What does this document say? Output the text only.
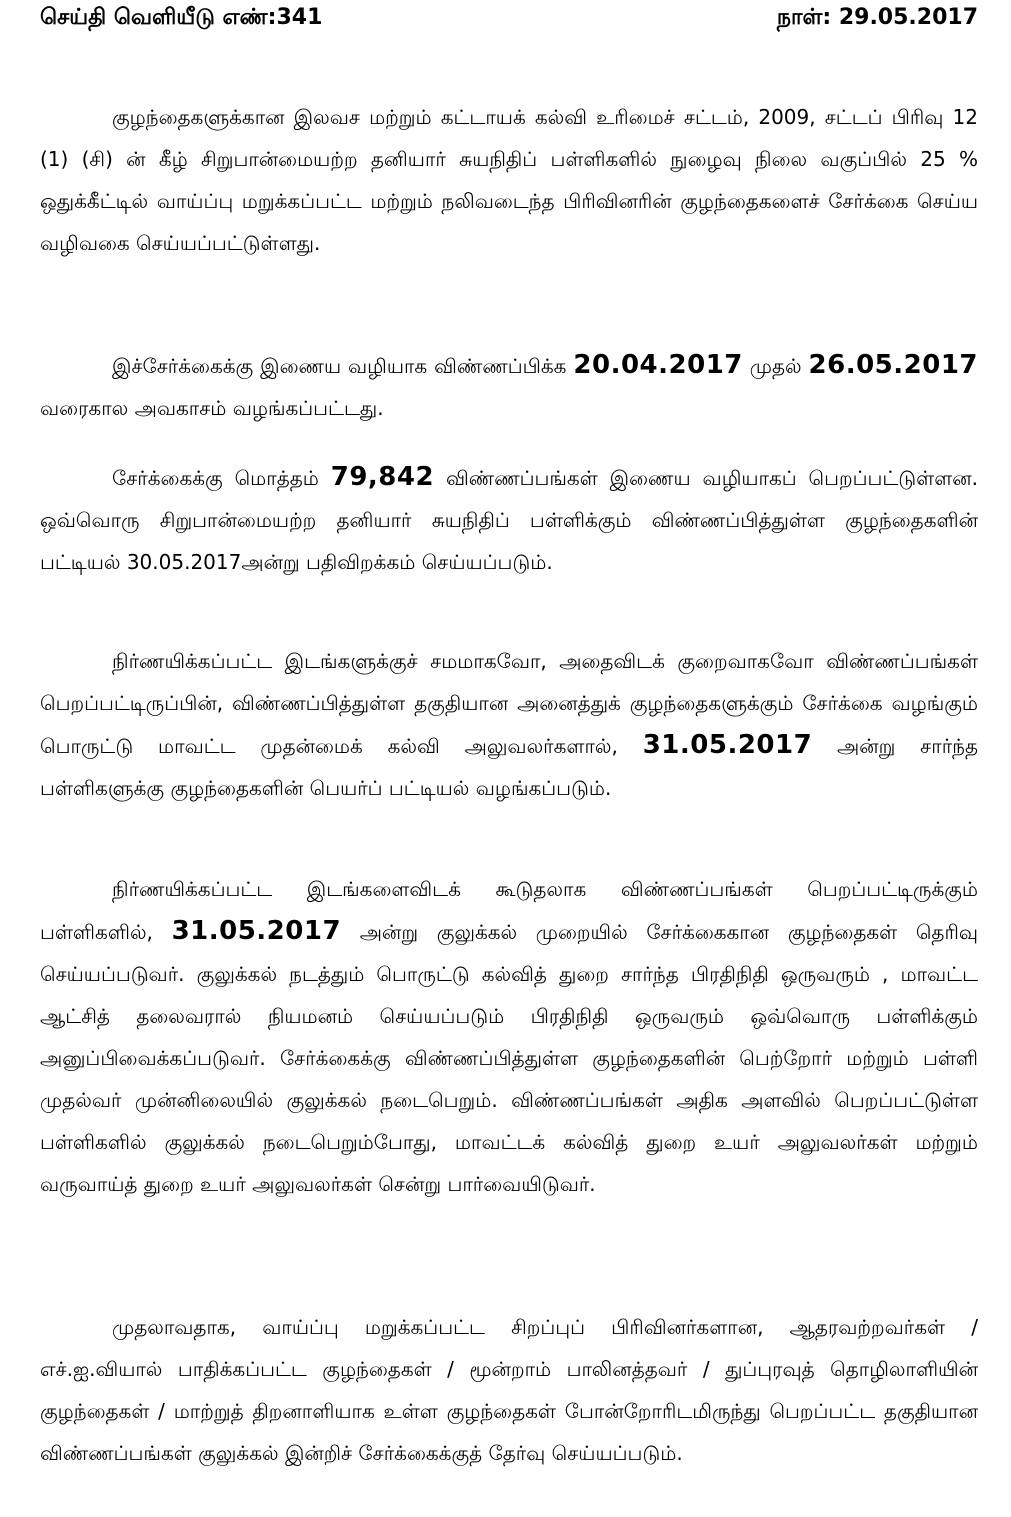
செய்தி வெளியீடு எண்:341	நாள்: 29.05.2017

குழந்தைகளுக்கான இலவச மற்றும் கட்டாயக் கல்வி உரிமைச் சட்டம், 2009, சட்டப் பிரிவு 12 (1) (சி) ன் கீழ் சிறுபான்மையற்ற தனியார் சுயநிதிப் பள்ளிகளில் நுழைவு நிலை வகுப்பில் 25 % ஒதுக்கீட்டில் வாய்ப்பு மறுக்கப்பட்ட மற்றும் நலிவடைந்த பிரிவினரின் குழந்தைகளைச் சேர்க்கை செய்ய வழிவகை செய்யப்பட்டுள்ளது.

இச்சேர்க்கைக்கு இணைய வழியாக விண்ணப்பிக்க 20.04.2017 முதல் 26.05.2017 வரைகால அவகாசம் வழங்கப்பட்டது.

சேர்க்கைக்கு மொத்தம் 79,842 விண்ணப்பங்கள் இணைய வழியாகப் பெறப்பட்டுள்ளன. ஒவ்வொரு சிறுபான்மையற்ற தனியார் சுயநிதிப் பள்ளிக்கும் விண்ணப்பித்துள்ள குழந்தைகளின் பட்டியல் 30.05.2017அன்று பதிவிறக்கம் செய்யப்படும்.

நிர்ணயிக்கப்பட்ட இடங்களுக்குச் சமமாகவோ, அதைவிடக் குறைவாகவோ விண்ணப்பங்கள் பெறப்பட்டிருப்பின், விண்ணப்பித்துள்ள தகுதியான அனைத்துக் குழந்தைகளுக்கும் சேர்க்கை வழங்கும் பொருட்டு மாவட்ட முதன்மைக் கல்வி அலுவலர்களால், 31.05.2017 அன்று சார்ந்த பள்ளிகளுக்கு குழந்தைகளின் பெயர்ப் பட்டியல் வழங்கப்படும்.

நிர்ணயிக்கப்பட்ட இடங்களைவிடக் கூடுதலாக விண்ணப்பங்கள் பெறப்பட்டிருக்கும் பள்ளிகளில், 31.05.2017 அன்று குலுக்கல் முறையில் சேர்க்கைகான குழந்தைகள் தெரிவு செய்யப்படுவர். குலுக்கல் நடத்தும் பொருட்டு கல்வித் துறை சார்ந்த பிரதிநிதி ஒருவரும் , மாவட்ட ஆட்சித் தலைவரால் நியமனம் செய்யப்படும் பிரதிநிதி ஒருவரும் ஒவ்வொரு பள்ளிக்கும் அனுப்பிவைக்கப்படுவர். சேர்க்கைக்கு விண்ணப்பித்துள்ள குழந்தைகளின் பெற்றோர் மற்றும் பள்ளி முதல்வர் முன்னிலையில் குலுக்கல் நடைபெறும். விண்ணப்பங்கள் அதிக அளவில் பெறப்பட்டுள்ள பள்ளிகளில் குலுக்கல் நடைபெறும்போது, மாவட்டக் கல்வித் துறை உயர் அலுவலர்கள் மற்றும் வருவாய்த் துறை உயர் அலுவலர்கள் சென்று பார்வையிடுவர்.

முதலாவதாக, வாய்ப்பு மறுக்கப்பட்ட சிறப்புப் பிரிவினர்களான, ஆதரவற்றவர்கள் / எச்.ஐ.வியால் பாதிக்கப்பட்ட குழந்தைகள் / மூன்றாம் பாலினத்தவர் / துப்புரவுத் தொழிலாளியின் குழந்தைகள் / மாற்றுத் திறனாளியாக உள்ள குழந்தைகள் போன்றோரிடமிருந்து பெறப்பட்ட தகுதியான விண்ணப்பங்கள் குலுக்கல் இன்றிச் சேர்க்கைக்குத் தேர்வு செய்யப்படும்.
